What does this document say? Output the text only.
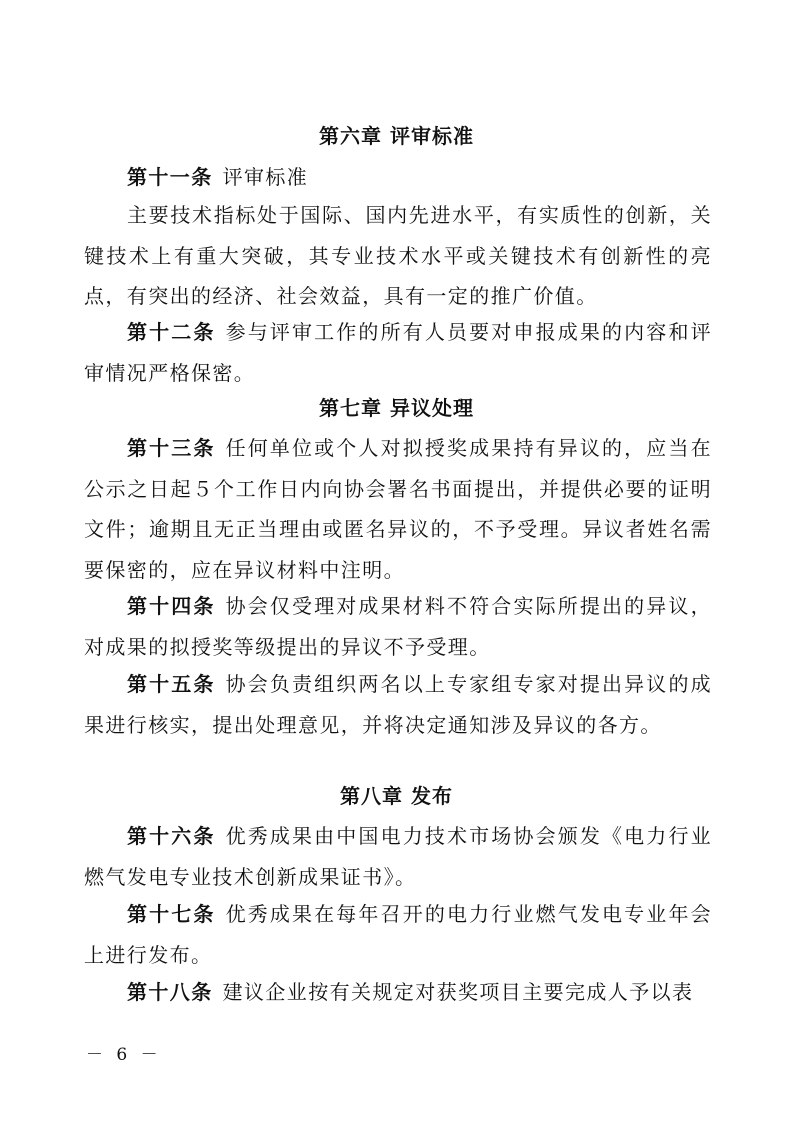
第六章 评审标准
第十一条 评审标准
主要技术指标处于国际、国内先进水平，有实质性的创新，关键技术上有重大突破，其专业技术水平或关键技术有创新性的亮点，有突出的经济、社会效益，具有一定的推广价值。
第十二条 参与评审工作的所有人员要对申报成果的内容和评审情况严格保密。
第七章 异议处理
第十三条 任何单位或个人对拟授奖成果持有异议的，应当在公示之日起５个工作日内向协会署名书面提出，并提供必要的证明文件；逾期且无正当理由或匿名异议的，不予受理。异议者姓名需要保密的，应在异议材料中注明。
第十四条 协会仅受理对成果材料不符合实际所提出的异议，对成果的拟授奖等级提出的异议不予受理。
第十五条 协会负责组织两名以上专家组专家对提出异议的成果进行核实，提出处理意见，并将决定通知涉及异议的各方。
第八章 发布
第十六条 优秀成果由中国电力技术市场协会颁发《电力行业燃气发电专业技术创新成果证书》。
第十七条 优秀成果在每年召开的电力行业燃气发电专业年会上进行发布。
第十八条 建议企业按有关规定对获奖项目主要完成人予以表
－ 6 －
